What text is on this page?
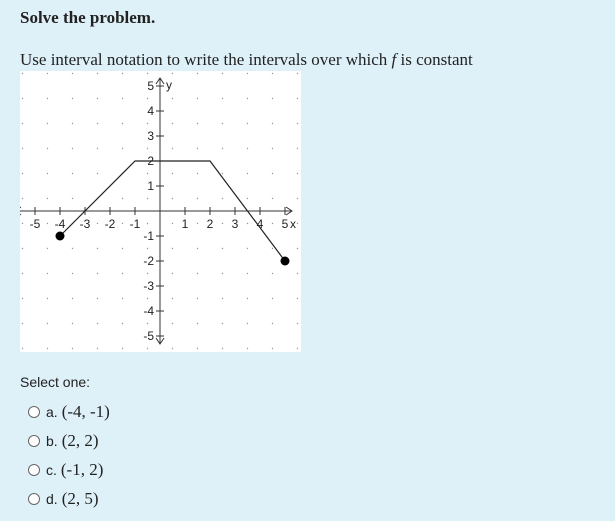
Solve the problem.

Use interval notation to write the intervals over which f is constant

-5 -4 -3 -2 -1	1 2 3 4 5
-5
-4
-3
-2
-1
1
2
3
4
5
x
y

Select one:

a. (-4, -1)
b. (2, 2)
c. (-1, 2)
d. (2, 5)
